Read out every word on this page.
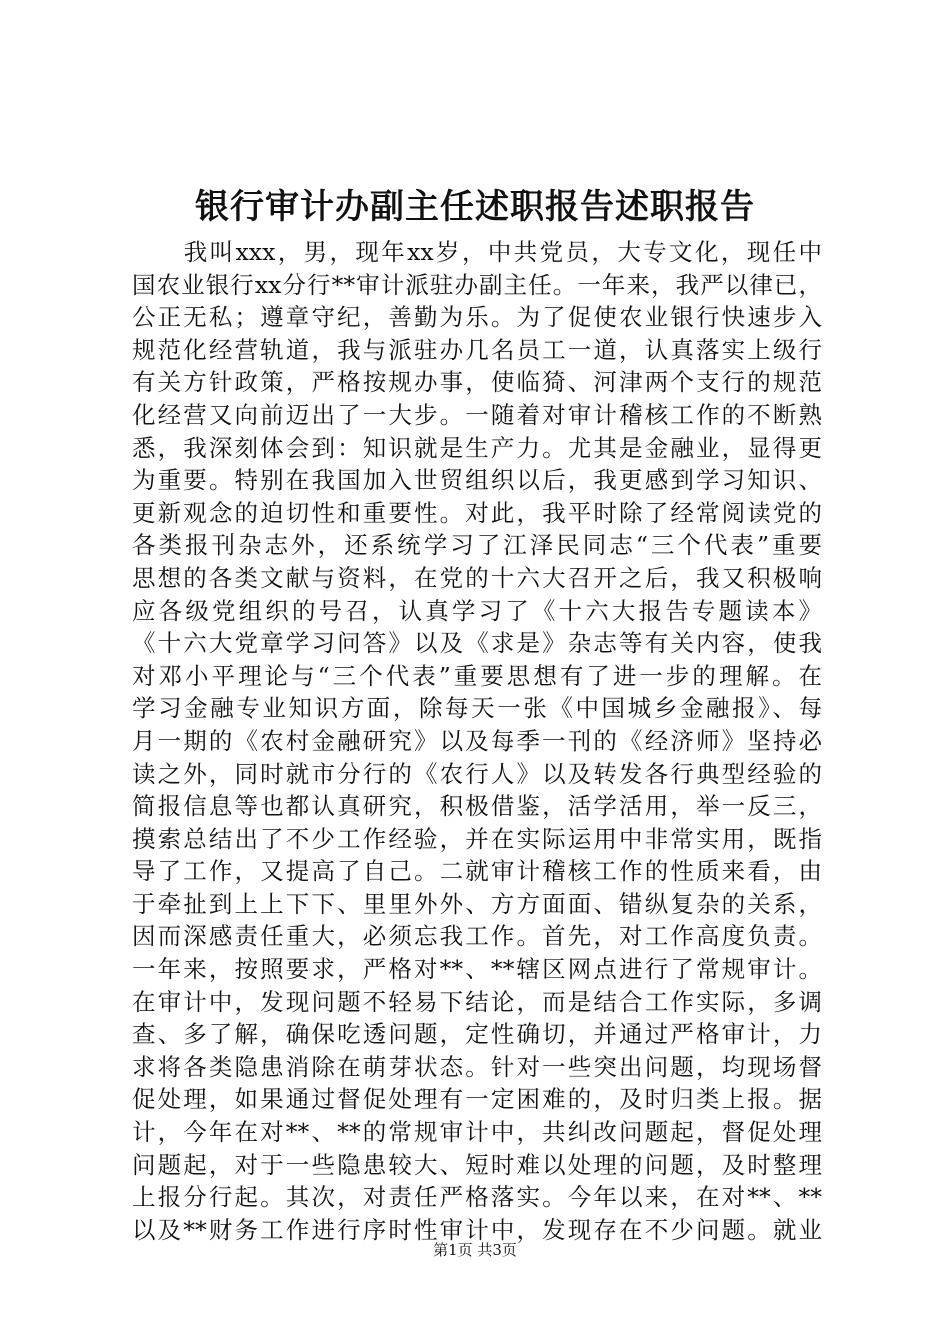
银行审计办副主任述职报告述职报告
　　我叫xxx，男，现年xx岁，中共党员，大专文化，现任中
国农业银行xx分行**审计派驻办副主任。一年来，我严以律已，
公正无私；遵章守纪，善勤为乐。为了促使农业银行快速步入
规范化经营轨道，我与派驻办几名员工一道，认真落实上级行
有关方针政策，严格按规办事，使临猗、河津两个支行的规范
化经营又向前迈出了一大步。一随着对审计稽核工作的不断熟
悉，我深刻体会到：知识就是生产力。尤其是金融业，显得更
为重要。特别在我国加入世贸组织以后，我更感到学习知识、
更新观念的迫切性和重要性。对此，我平时除了经常阅读党的
各类报刊杂志外，还系统学习了江泽民同志“三个代表”重要
思想的各类文献与资料，在党的十六大召开之后，我又积极响
应各级党组织的号召，认真学习了《十六大报告专题读本》
《十六大党章学习问答》以及《求是》杂志等有关内容，使我
对邓小平理论与“三个代表”重要思想有了进一步的理解。在
学习金融专业知识方面，除每天一张《中国城乡金融报》、每
月一期的《农村金融研究》以及每季一刊的《经济师》坚持必
读之外，同时就市分行的《农行人》以及转发各行典型经验的
简报信息等也都认真研究，积极借鉴，活学活用，举一反三，
摸索总结出了不少工作经验，并在实际运用中非常实用，既指
导了工作，又提高了自己。二就审计稽核工作的性质来看，由
于牵扯到上上下下、里里外外、方方面面、错纵复杂的关系，
因而深感责任重大，必须忘我工作。首先，对工作高度负责。
一年来，按照要求，严格对**、**辖区网点进行了常规审计。
在审计中，发现问题不轻易下结论，而是结合工作实际，多调
查、多了解，确保吃透问题，定性确切，并通过严格审计，力
求将各类隐患消除在萌芽状态。针对一些突出问题，均现场督
促处理，如果通过督促处理有一定困难的，及时归类上报。据
计，今年在对**、**的常规审计中，共纠改问题起，督促处理
问题起，对于一些隐患较大、短时难以处理的问题，及时整理
上报分行起。其次，对责任严格落实。今年以来，在对**、**
以及**财务工作进行序时性审计中，发现存在不少问题。就业
第1页 共3页
